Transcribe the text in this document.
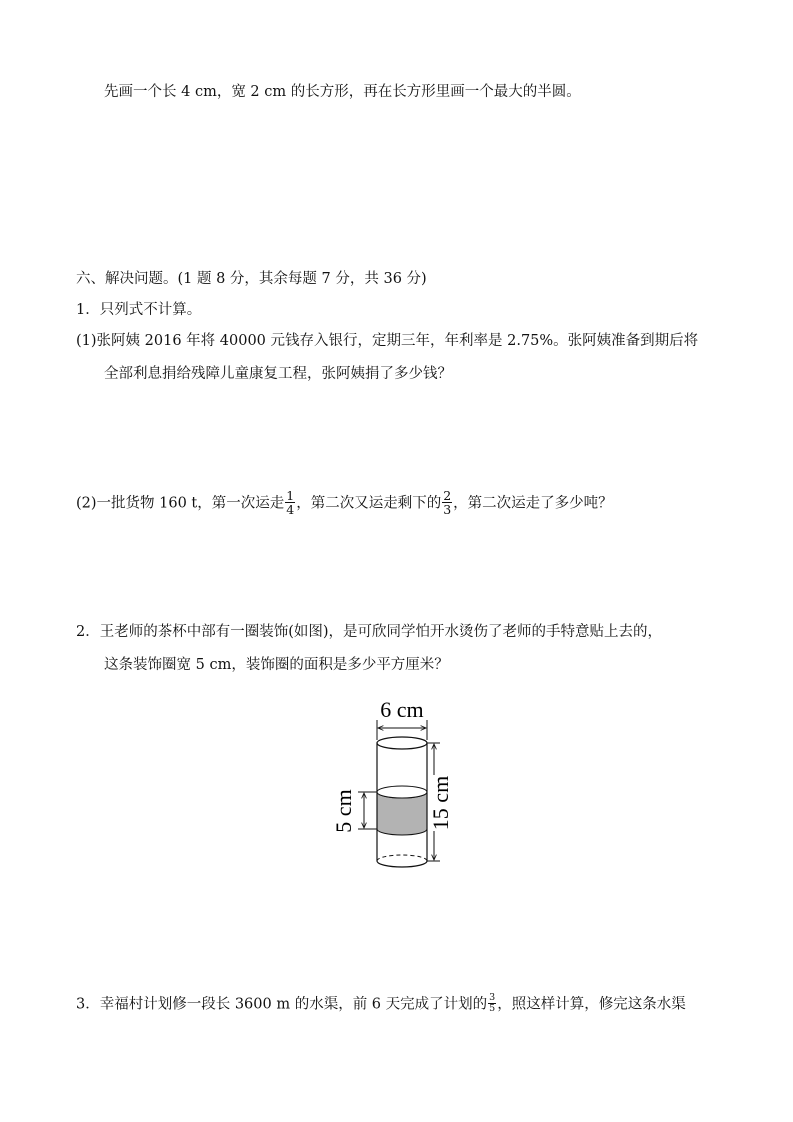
先画一个长 4 cm，宽 2 cm 的长方形，再在长方形里画一个最大的半圆。
六、解决问题。(1 题 8 分，其余每题 7 分，共 36 分)
1．只列式不计算。
(1)张阿姨 2016 年将 40000 元钱存入银行，定期三年，年利率是 2.75%。张阿姨准备到期后将
全部利息捐给残障儿童康复工程，张阿姨捐了多少钱？
(2)一批货物 160 t，第一次运走 $\frac{1}{4}$ ，第二次又运走剩下的 $\frac{2}{3}$ ，第二次运走了多少吨？
2．王老师的茶杯中部有一圈装饰(如图)，是可欣同学怕开水烫伤了老师的手特意贴上去的，
这条装饰圈宽 5 cm，装饰圈的面积是多少平方厘米？
6 cm
5 cm	15 cm
3．幸福村计划修一段长 3600 m 的水渠，前 6 天完成了计划的 $\frac{3}{5}$ ，照这样计算，修完这条水渠
